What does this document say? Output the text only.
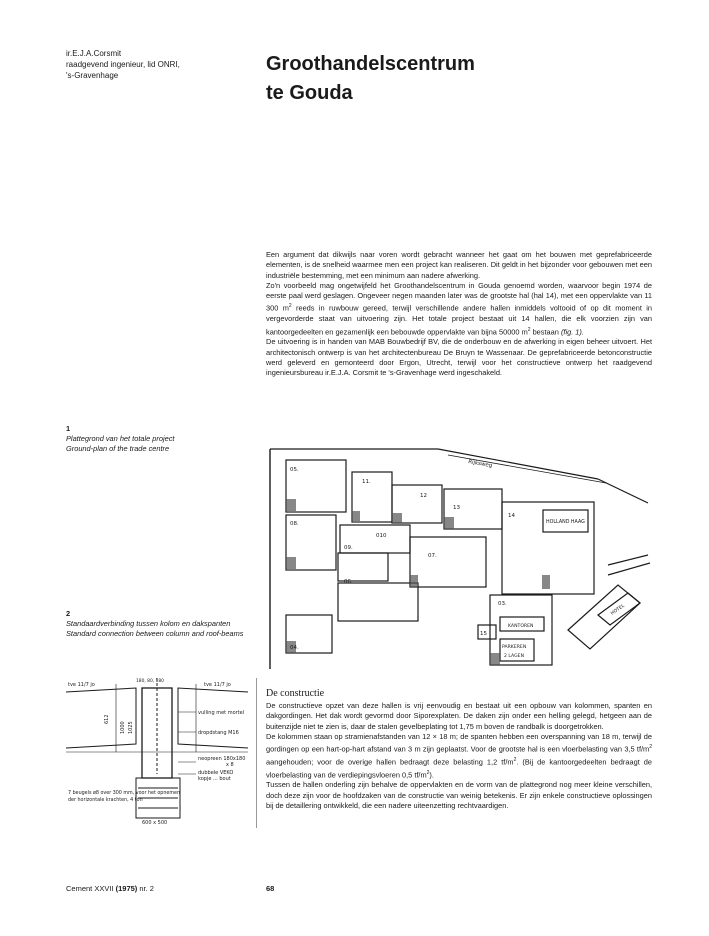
ir.E.J.A.Corsmit
raadgevend ingenieur, lid ONRI,
's-Gravenhage
Groothandelscentrum
te Gouda

Een argument dat dikwijls naar voren wordt gebracht wanneer het gaat om het bouwen met geprefabriceerde elementen, is de snelheid waarmee men een project kan realiseren. Dit geldt in het bijzonder voor gebouwen met een industriële bestemming, met een minimum aan nadere afwerking.

Zo'n voorbeeld mag ongetwijfeld het Groothandelscentrum in Gouda genoemd worden, waarvoor begin 1974 de eerste paal werd geslagen. Ongeveer negen maanden later was de grootste hal (hal 14), met een oppervlakte van 11 300 $m^2$ reeds in ruwbouw gereed, terwijl verschillende andere hallen inmiddels voltooid of op dit moment in vergevorderde staat van uitvoering zijn. Het totale project bestaat uit 14 hallen, die elk voorzien zijn van kantoorgedeelten en gezamenlijk een bebouwde oppervlakte van bijna 50000 $m^2$ bestaan (fig. 1).

De uitvoering is in handen van MAB Bouwbedrijf BV, die de onderbouw en de afwerking in eigen beheer uitvoert. Het architectonisch ontwerp is van het architectenbureau De Bruyn te Wassenaar. De geprefabriceerde betonconstructie werd geleverd en gemonteerd door Ergon, Utrecht, terwijl voor het constructieve ontwerp het raadgevend ingenieursbureau ir.E.J.A. Corsmit te 's-Gravenhage werd ingeschakeld.

1
Plattegrond van het totale project
Ground-plan of the trade centre
Rijksweg
05.
11.
12
13
14
HOLLAND HAAG
08.
010
09.
07.
06.
03.
04.
KANTOREN
15
PARKEREN
2 LAGEN
HOTEL
2
Standaardverbinding tussen kolom en dakspanten
Standard connection between column and roof-beams
tve 11/7 jo	tve 11/7 jo
180, 80, 180
vulling met mortel
dropdstang M16
neopreen 180x180
x 8
dubbele VEKO
kopje ... bout
7 beugels ø8 over 300 mm, voor het opnemen
der horizontale krachten, 4 ton
600 x 500
612
1000 1025
De constructie

De constructieve opzet van deze hallen is vrij eenvoudig en bestaat uit een opbouw van kolommen, spanten en dakgordingen. Het dak wordt gevormd door Siporexplaten. De daken zijn onder een helling gelegd, hetgeen aan de buitenzijde niet te zien is, daar de stalen gevelbeplating tot 1,75 m boven de randbalk is doorgetrokken.

De kolommen staan op stramienafstanden van 12 × 18 m; de spanten hebben een overspanning van 18 m, terwijl de gordingen op een hart-op-hart afstand van 3 m zijn geplaatst. Voor de grootste hal is een vloerbelasting van 3,5 $tf/m^2$ aangehouden; voor de overige hallen bedraagt deze belasting 1,2 $tf/m^2$. (Bij de kantoorgedeelten bedraagt de vloerbelasting van de verdiepingsvloeren 0,5 $tf/m^2$).

Tussen de hallen onderling zijn behalve de oppervlakten en de vorm van de plattegrond nog meer kleine verschillen, doch deze zijn voor de hoofdzaken van de constructie van weinig betekenis. Er zijn enkele constructieve oplossingen bij de detaillering ontwikkeld, die een nadere uiteenzetting rechtvaardigen.

Cement XXVII (1975) nr. 2	68
